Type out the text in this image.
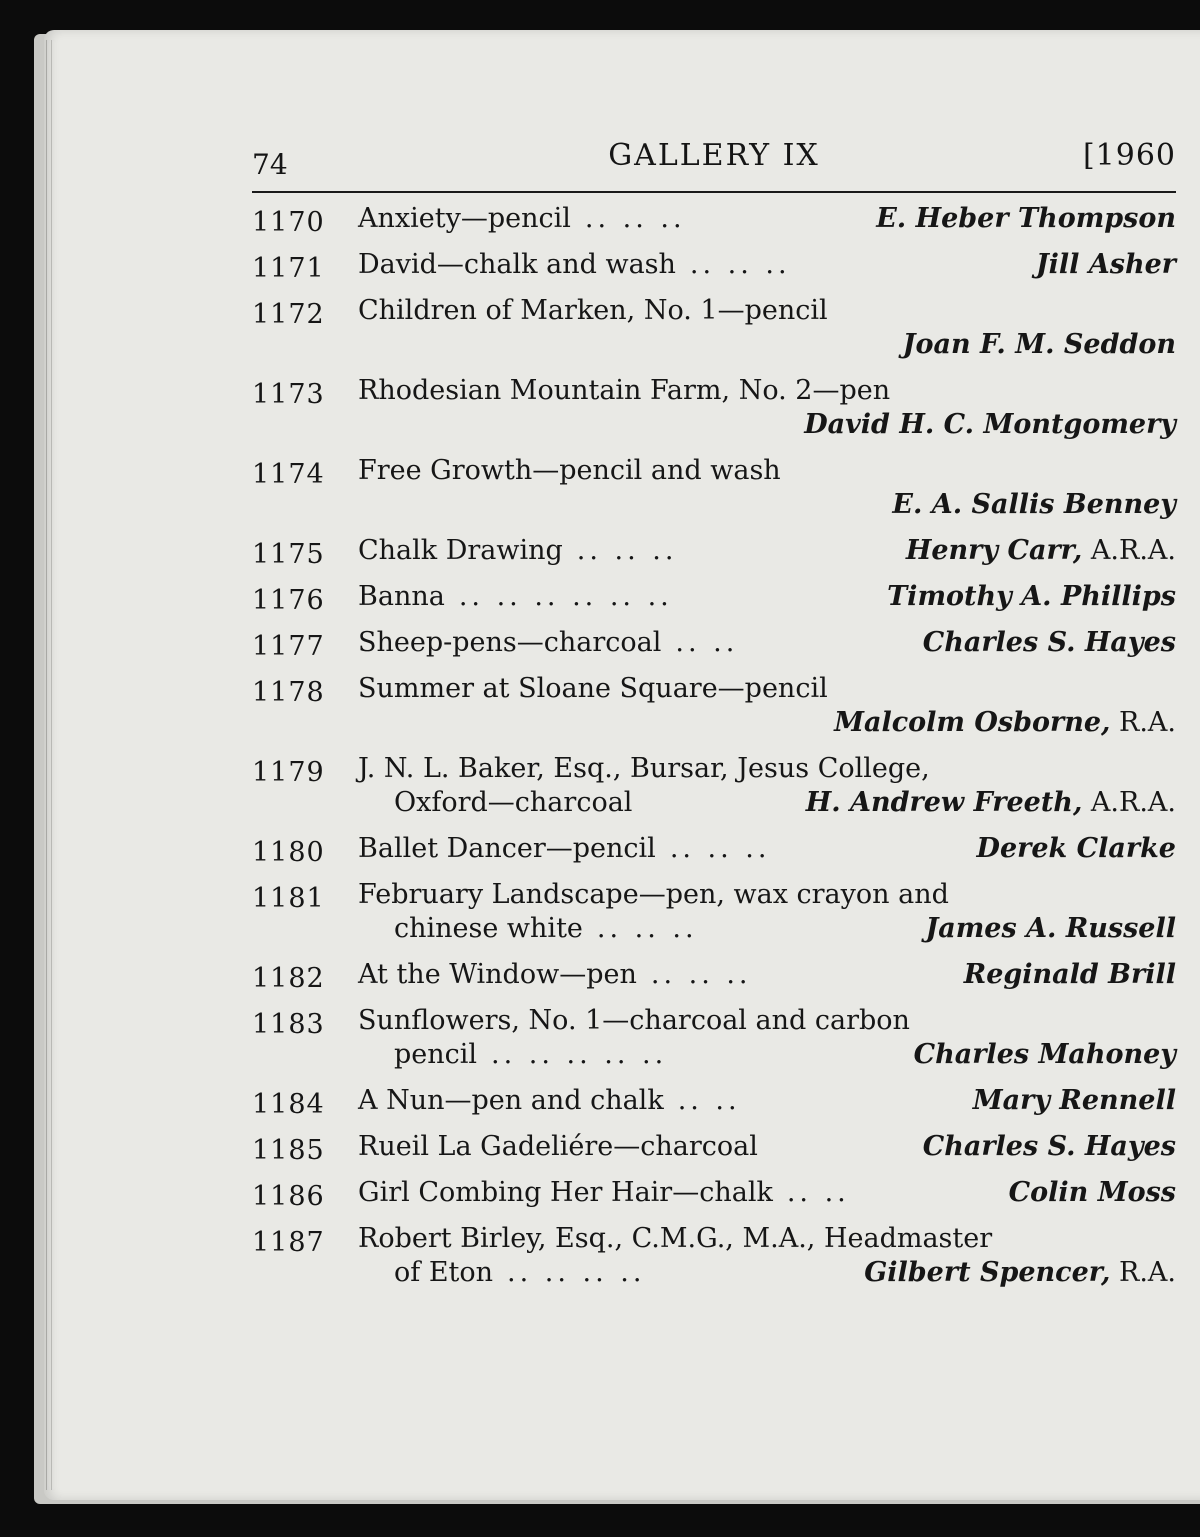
74	GALLERY IX	[1960
1170	Anxiety—pencil .. .. ..	E. Heber Thompson
1171	David—chalk and wash .. .. ..	Jill Asher
1172	Children of Marken, No. 1—pencil
Joan F. M. Seddon
1173	Rhodesian Mountain Farm, No. 2—pen
David H. C. Montgomery
1174	Free Growth—pencil and wash
E. A. Sallis Benney
1175	Chalk Drawing .. .. ..	Henry Carr, A.R.A.
1176	Banna .. .. .. .. .. ..	Timothy A. Phillips
1177	Sheep-pens—charcoal .. ..	Charles S. Hayes
1178	Summer at Sloane Square—pencil
Malcolm Osborne, R.A.
1179	J. N. L. Baker, Esq., Bursar, Jesus College,
Oxford—charcoal	H. Andrew Freeth, A.R.A.
1180	Ballet Dancer—pencil .. .. ..	Derek Clarke
1181	February Landscape—pen, wax crayon and
chinese white .. .. ..	James A. Russell
1182	At the Window—pen .. .. ..	Reginald Brill
1183	Sunflowers, No. 1—charcoal and carbon
pencil .. .. .. .. ..	Charles Mahoney
1184	A Nun—pen and chalk .. ..	Mary Rennell
1185	Rueil La Gadeliére—charcoal	Charles S. Hayes
1186	Girl Combing Her Hair—chalk .. ..	Colin Moss
1187	Robert Birley, Esq., C.M.G., M.A., Headmaster
of Eton .. .. .. ..	Gilbert Spencer, R.A.
